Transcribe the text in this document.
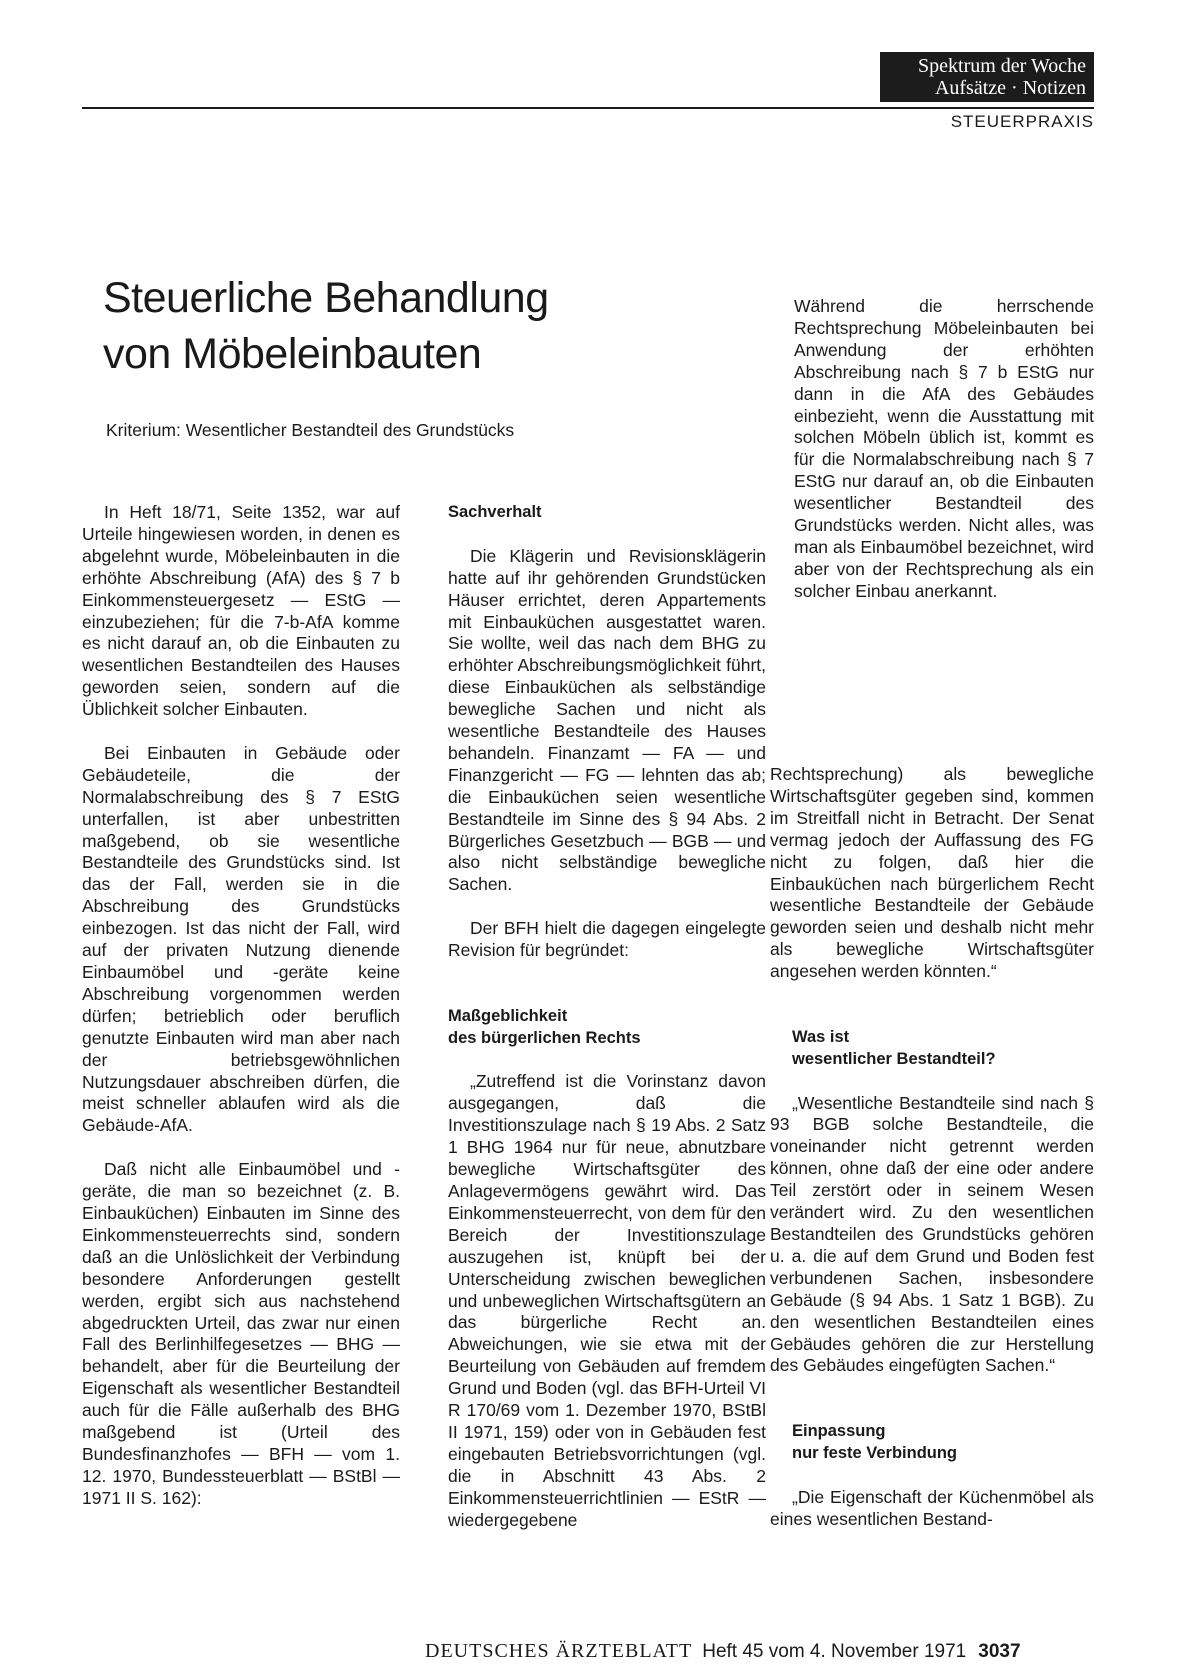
Spektrum der Woche
Aufsätze · Notizen
STEUERPRAXIS
Steuerliche Behandlung
von Möbeleinbauten
Kriterium: Wesentlicher Bestandteil des Grundstücks

In Heft 18/71, Seite 1352, war auf Urteile hingewiesen worden, in denen es abgelehnt wurde, Möbeleinbauten in die erhöhte Abschreibung (AfA) des § 7 b Einkommensteuergesetz — EStG — einzubeziehen; für die 7-b-AfA komme es nicht darauf an, ob die Einbauten zu wesentlichen Bestandteilen des Hauses geworden seien, sondern auf die Üblichkeit solcher Einbauten.

Bei Einbauten in Gebäude oder Gebäudeteile, die der Normalabschreibung des § 7 EStG unterfallen, ist aber unbestritten maßgebend, ob sie wesentliche Bestandteile des Grundstücks sind. Ist das der Fall, werden sie in die Abschreibung des Grundstücks einbezogen. Ist das nicht der Fall, wird auf der privaten Nutzung dienende Einbaumöbel und -geräte keine Abschreibung vorgenommen werden dürfen; betrieblich oder beruflich genutzte Einbauten wird man aber nach der betriebsgewöhnlichen Nutzungsdauer abschreiben dürfen, die meist schneller ablaufen wird als die Gebäude-AfA.

Daß nicht alle Einbaumöbel und -geräte, die man so bezeichnet (z. B. Einbauküchen) Einbauten im Sinne des Einkommensteuerrechts sind, sondern daß an die Unlöslichkeit der Verbindung besondere Anforderungen gestellt werden, ergibt sich aus nachstehend abgedruckten Urteil, das zwar nur einen Fall des Berlinhilfegesetzes — BHG — behandelt, aber für die Beurteilung der Eigenschaft als wesentlicher Bestandteil auch für die Fälle außerhalb des BHG maßgebend ist (Urteil des Bundesfinanzhofes — BFH — vom 1. 12. 1970, Bundessteuerblatt — BStBl — 1971 II S. 162):

Sachverhalt

Die Klägerin und Revisionsklägerin hatte auf ihr gehörenden Grundstücken Häuser errichtet, deren Appartements mit Einbauküchen ausgestattet waren. Sie wollte, weil das nach dem BHG zu erhöhter Abschreibungsmöglichkeit führt, diese Einbauküchen als selbständige bewegliche Sachen und nicht als wesentliche Bestandteile des Hauses behandeln. Finanzamt — FA — und Finanzgericht — FG — lehnten das ab; die Einbauküchen seien wesentliche Bestandteile im Sinne des § 94 Abs. 2 Bürgerliches Gesetzbuch — BGB — und also nicht selbständige bewegliche Sachen.

Der BFH hielt die dagegen eingelegte Revision für begründet:

Maßgeblichkeit
des bürgerlichen Rechts

„Zutreffend ist die Vorinstanz davon ausgegangen, daß die Investitionszulage nach § 19 Abs. 2 Satz 1 BHG 1964 nur für neue, abnutzbare bewegliche Wirtschaftsgüter des Anlagevermögens gewährt wird. Das Einkommensteuerrecht, von dem für den Bereich der Investitionszulage auszugehen ist, knüpft bei der Unterscheidung zwischen beweglichen und unbeweglichen Wirtschaftsgütern an das bürgerliche Recht an. Abweichungen, wie sie etwa mit der Beurteilung von Gebäuden auf fremdem Grund und Boden (vgl. das BFH-Urteil VI R 170/69 vom 1. Dezember 1970, BStBl II 1971, 159) oder von in Gebäuden fest eingebauten Betriebsvorrichtungen (vgl. die in Abschnitt 43 Abs. 2 Einkommensteuerrichtlinien — EStR — wiedergegebene

Während die herrschende Rechtsprechung Möbeleinbauten bei Anwendung der erhöhten Abschreibung nach § 7 b EStG nur dann in die AfA des Gebäudes einbezieht, wenn die Ausstattung mit solchen Möbeln üblich ist, kommt es für die Normalabschreibung nach § 7 EStG nur darauf an, ob die Einbauten wesentlicher Bestandteil des Grundstücks werden. Nicht alles, was man als Einbaumöbel bezeichnet, wird aber von der Rechtsprechung als ein solcher Einbau anerkannt.

Rechtsprechung) als bewegliche Wirtschaftsgüter gegeben sind, kommen im Streitfall nicht in Betracht. Der Senat vermag jedoch der Auffassung des FG nicht zu folgen, daß hier die Einbauküchen nach bürgerlichem Recht wesentliche Bestandteile der Gebäude geworden seien und deshalb nicht mehr als bewegliche Wirtschaftsgüter angesehen werden könnten.“

Was ist
wesentlicher Bestandteil?

„Wesentliche Bestandteile sind nach § 93 BGB solche Bestandteile, die voneinander nicht getrennt werden können, ohne daß der eine oder andere Teil zerstört oder in seinem Wesen verändert wird. Zu den wesentlichen Bestandteilen des Grundstücks gehören u. a. die auf dem Grund und Boden fest verbundenen Sachen, insbesondere Gebäude (§ 94 Abs. 1 Satz 1 BGB). Zu den wesentlichen Bestandteilen eines Gebäudes gehören die zur Herstellung des Gebäudes eingefügten Sachen.“

Einpassung
nur feste Verbindung

„Die Eigenschaft der Küchenmöbel als eines wesentlichen Bestand-

DEUTSCHES ÄRZTEBLATT Heft 45 vom 4. November 1971 3037
